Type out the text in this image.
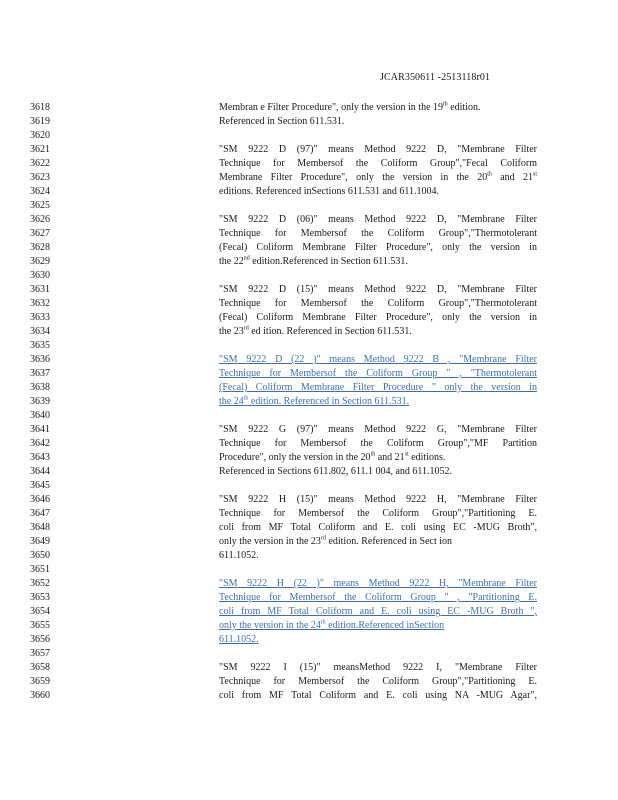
JCAR350611 -2513118r01
3618	Membran e Filter Procedure", only the version in the 19th edition.
3619	Referenced in Section 611.531.
3620
3621	"SM 9222 D (97)" means Method 9222 D, "Membrane Filter
3622	Technique for Membersof the Coliform Group","Fecal Coliform
3623	Membrane Filter Procedure", only the version in the 20th and 21st
3624	editions. Referenced inSections 611.531 and 611.1004.
3625
3626	"SM 9222 D (06)" means Method 9222 D, "Membrane Filter
3627	Technique for Membersof the Coliform Group","Thermotolerant
3628	(Fecal) Coliform Membrane Filter Procedure", only the version in
3629	the 22nd edition.Referenced in Section 611.531.
3630
3631	"SM 9222 D (15)" means Method 9222 D, "Membrane Filter
3632	Technique for Membersof the Coliform Group","Thermotolerant
3633	(Fecal) Coliform Membrane Filter Procedure", only the version in
3634	the 23rd ed ition. Referenced in Section 611.531.
3635
3636	"SM 9222 D (22 )" means Method 9222 B , "Membrane Filter
3637	Technique for Membersof the Coliform Group " , "Thermotolerant
3638	(Fecal) Coliform Membrane Filter Procedure " only the version in
3639	the 24th edition. Referenced in Section 611.531.
3640
3641	"SM 9222 G (97)" means Method 9222 G, "Membrane Filter
3642	Technique for Membersof the Coliform Group","MF Partition
3643	Procedure", only the version in the 20th and 21st editions.
3644	Referenced in Sections 611.802, 611.1 004, and 611.1052.
3645
3646	"SM 9222 H (15)" means Method 9222 H, "Membrane Filter
3647	Technique for Membersof the Coliform Group","Partitioning E.
3648	coli from MF Total Coliform and E. coli using EC -MUG Broth",
3649	only the version in the 23rd edition. Referenced in Sect ion
3650	611.1052.
3651
3652	"SM 9222 H (22 )" means Method 9222 H, "Membrane Filter
3653	Technique for Membersof the Coliform Group " , "Partitioning E.
3654	coli from MF Total Coliform and E. coli using EC -MUG Broth ",
3655	only the version in the 24th edition.Referenced inSection
3656	611.1052.
3657
3658	"SM 9222 I (15)" meansMethod 9222 I, "Membrane Filter
3659	Technique for Membersof the Coliform Group","Partitioning E.
3660	coli from MF Total Coliform and E. coli using NA -MUG Agar",
